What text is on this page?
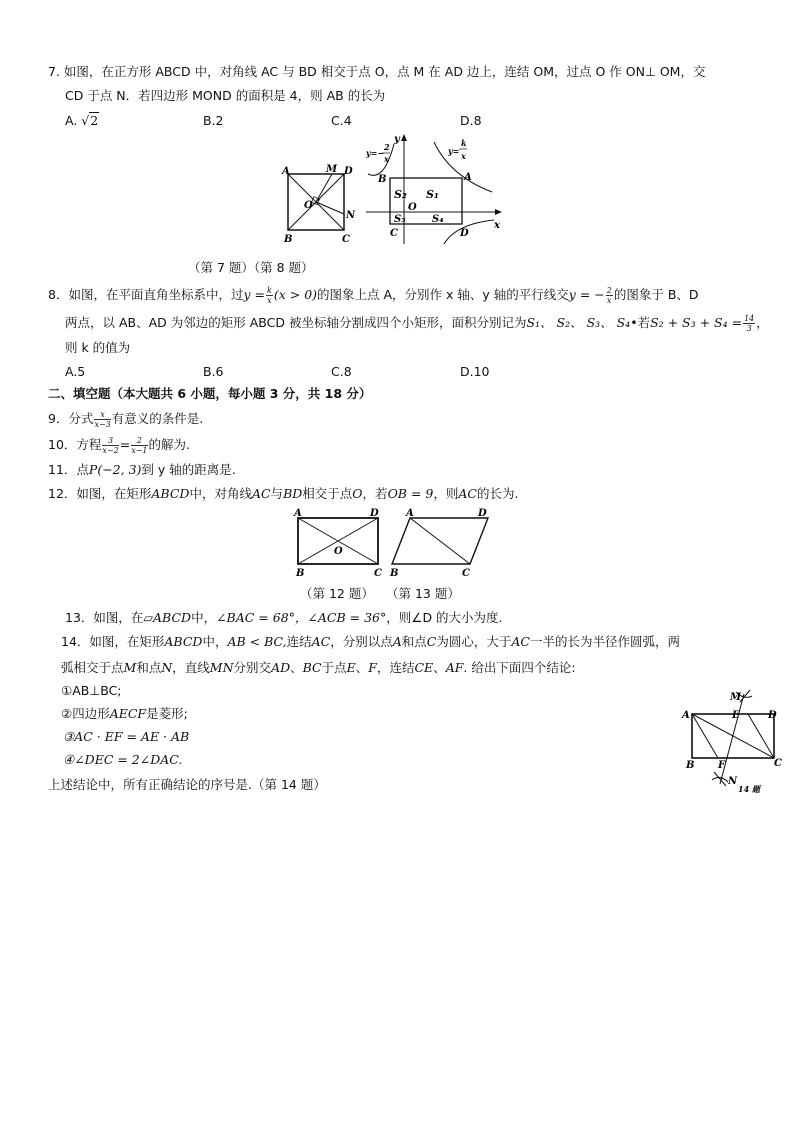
7. 如图，在正方形 ABCD 中，对角线 AC 与 BD 相交于点 O，点 M 在 AD 边上，连结 OM，过点 O 作 ON⊥ OM，交
CD 于点 N．若四边形 MOND 的面积是 4，则 AB 的长为
A. √2	B.2	C.4	D.8
A	M D
O
N
B	C
y
x
O
A
B
C	D
S₁
S₂
S₃	S₄
y=−
2
x
y=
k
x
（第 7 题）（第 8 题）
8．如图，在平面直角坐标系中，过$y = \frac{k}{x} (x > 0)$的图象上点 A，分别作 x 轴、y 轴的平行线交y = − $\frac{2}{x}$ 的图象于 B、D
两点，以 AB、AD 为邻边的矩形 ABCD 被坐标轴分割成四个小矩形，面积分别记为S₁、 S₂、 S₃、 S₄•若$S_2 + S_3 + S_4 = \frac{14}{3}$ ，
则 k 的值为
A.5	B.6	C.8	D.10
二、填空题（本大题共 6 小题，每小题 3 分，共 18 分）
9．分式 $\frac{x}{x-3}$ 有意义的条件是.
10．方程 $\frac{3}{x-2} = \frac{2}{x-1}$ 的解为.
11．点P(−2, 3)到 y 轴的距离是.
12．如图，在矩形ABCD中，对角线AC与BD相交于点O，若OB = 9，则AC的长为.
A	D
O
B	C
A	D
B	C
（第 12 题） （第 13 题）
13．如图，在▱ABCD中，∠BAC = 68°，∠ACB = 36°，则∠D 的大小为度.
14．如图，在矩形ABCD中，AB < BC,连结AC，分别以点A和点C为圆心，大于AC一半的长为半径作圆弧，两
弧相交于点M和点N，直线MN分别交AD、BC于点E、F，连结CE、AF. 给出下面四个结论:
①AB⊥BC;
②四边形AECF是菱形;
③AC · EF = AE · AB
④∠DEC = 2∠DAC.
上述结论中，所有正确结论的序号是.（第 14 题）
M
A	E	D
B F	C
N
14 题
